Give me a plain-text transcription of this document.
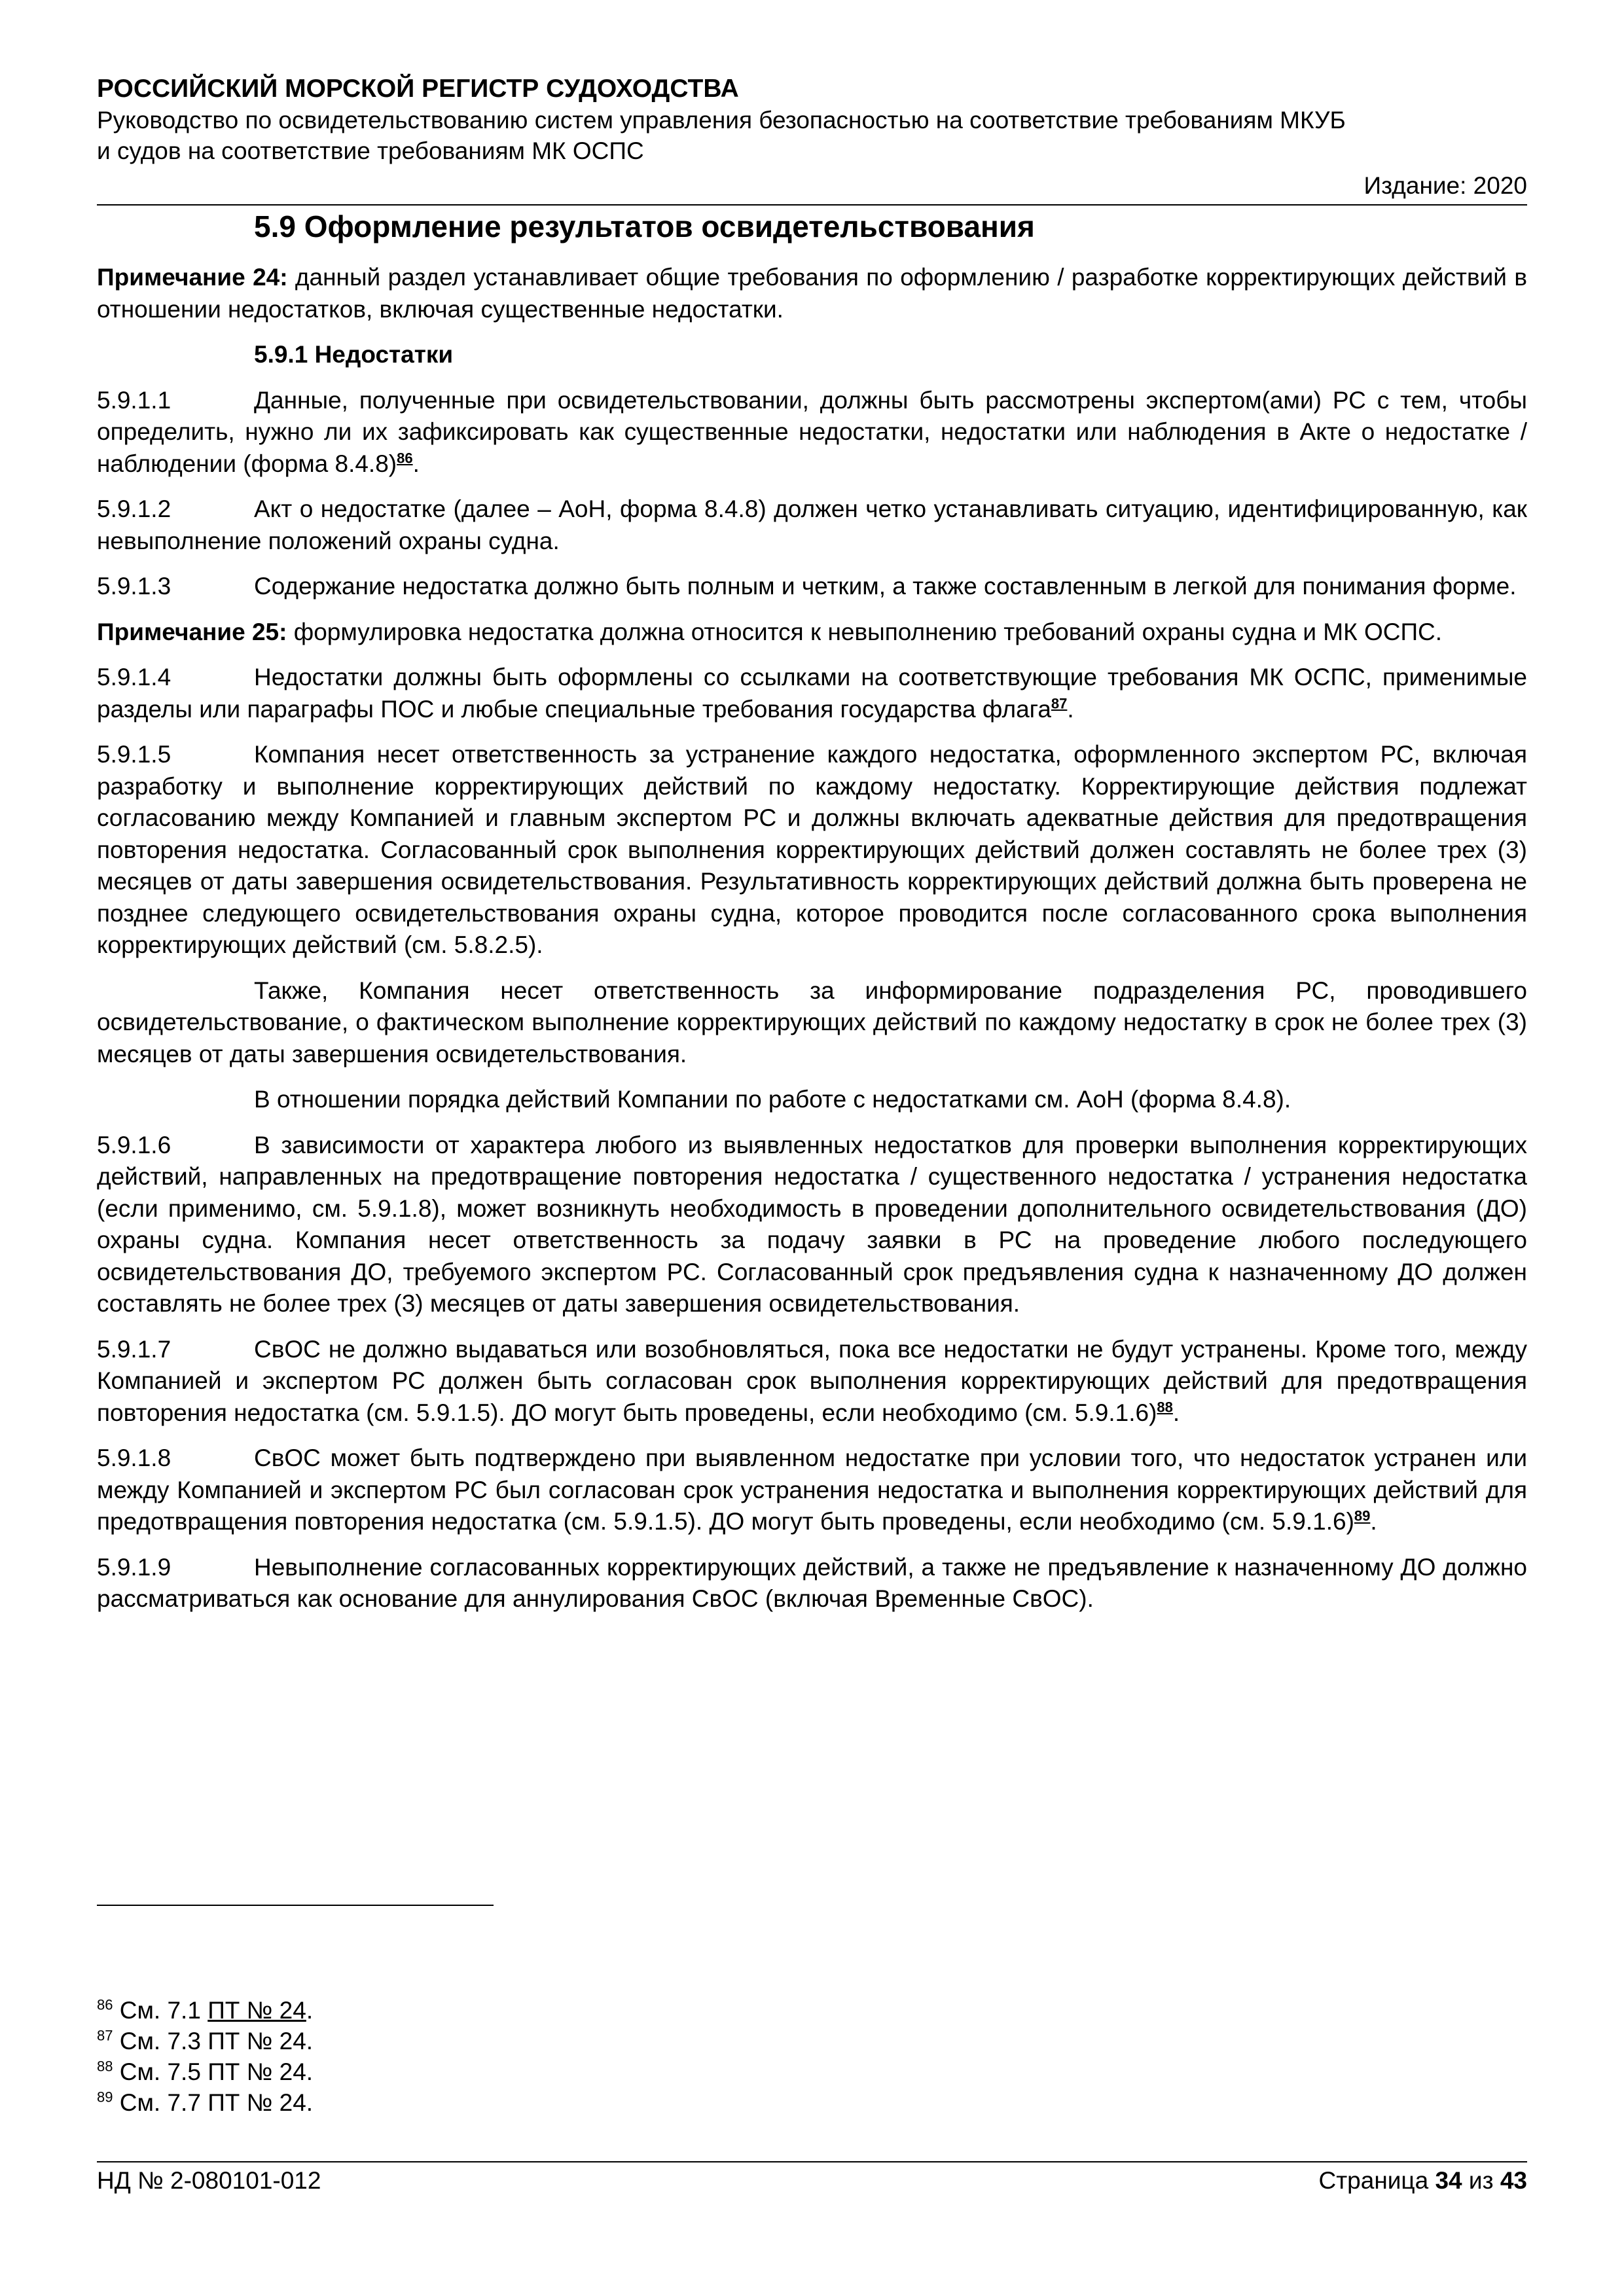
РОССИЙСКИЙ МОРСКОЙ РЕГИСТР СУДОХОДСТВА
Руководство по освидетельствованию систем управления безопасностью на соответствие требованиям МКУБ
и судов на соответствие требованиям МК ОСПС
Издание: 2020
5.9 Оформление результатов освидетельствования
Примечание 24: данный раздел устанавливает общие требования по оформлению / разработке корректирующих действий в отношении недостатков, включая существенные недостатки.
5.9.1 Недостатки
5.9.1.1	Данные, полученные при освидетельствовании, должны быть рассмотрены экспертом(ами) РС с тем, чтобы определить, нужно ли их зафиксировать как существенные недостатки, недостатки или наблюдения в Акте о недостатке / наблюдении (форма 8.4.8)$^{86}$.
5.9.1.2	Акт о недостатке (далее – АоН, форма 8.4.8) должен четко устанавливать ситуацию, идентифицированную, как невыполнение положений охраны судна.
5.9.1.3	Содержание недостатка должно быть полным и четким, а также составленным в легкой для понимания форме.
Примечание 25: формулировка недостатка должна относится к невыполнению требований охраны судна и МК ОСПС.
5.9.1.4	Недостатки должны быть оформлены со ссылками на соответствующие требования МК ОСПС, применимые разделы или параграфы ПОС и любые специальные требования государства флага$^{87}$.
5.9.1.5	Компания несет ответственность за устранение каждого недостатка, оформленного экспертом РС, включая разработку и выполнение корректирующих действий по каждому недостатку. Корректирующие действия подлежат согласованию между Компанией и главным экспертом РС и должны включать адекватные действия для предотвращения повторения недостатка. Согласованный срок выполнения корректирующих действий должен составлять не более трех (3) месяцев от даты завершения освидетельствования. Результативность корректирующих действий должна быть проверена не позднее следующего освидетельствования охраны судна, которое проводится после согласованного срока выполнения корректирующих действий (см. 5.8.2.5).
Также, Компания несет ответственность за информирование подразделения РС, проводившего освидетельствование, о фактическом выполнение корректирующих действий по каждому недостатку в срок не более трех (3) месяцев от даты завершения освидетельствования.
В отношении порядка действий Компании по работе с недостатками см. АоН (форма 8.4.8).
5.9.1.6	В зависимости от характера любого из выявленных недостатков для проверки выполнения корректирующих действий, направленных на предотвращение повторения недостатка / существенного недостатка / устранения недостатка (если применимо, см. 5.9.1.8), может возникнуть необходимость в проведении дополнительного освидетельствования (ДО) охраны судна. Компания несет ответственность за подачу заявки в РС на проведение любого последующего освидетельствования ДО, требуемого экспертом РС. Согласованный срок предъявления судна к назначенному ДО должен составлять не более трех (3) месяцев от даты завершения освидетельствования.
5.9.1.7	СвОС не должно выдаваться или возобновляться, пока все недостатки не будут устранены. Кроме того, между Компанией и экспертом РС должен быть согласован срок выполнения корректирующих действий для предотвращения повторения недостатка (см. 5.9.1.5). ДО могут быть проведены, если необходимо (см. 5.9.1.6)$^{88}$.
5.9.1.8	СвОС может быть подтверждено при выявленном недостатке при условии того, что недостаток устранен или между Компанией и экспертом РС был согласован срок устранения недостатка и выполнения корректирующих действий для предотвращения повторения недостатка (см. 5.9.1.5). ДО могут быть проведены, если необходимо (см. 5.9.1.6)$^{89}$.
5.9.1.9	Невыполнение согласованных корректирующих действий, а также не предъявление к назначенному ДО должно рассматриваться как основание для аннулирования СвОС (включая Временные СвОС).
$^{86}$ См. 7.1 ПТ № 24.
$^{87}$ См. 7.3 ПТ № 24.
$^{88}$ См. 7.5 ПТ № 24.
$^{89}$ См. 7.7 ПТ № 24.
НД № 2-080101-012	Страница 34 из 43
